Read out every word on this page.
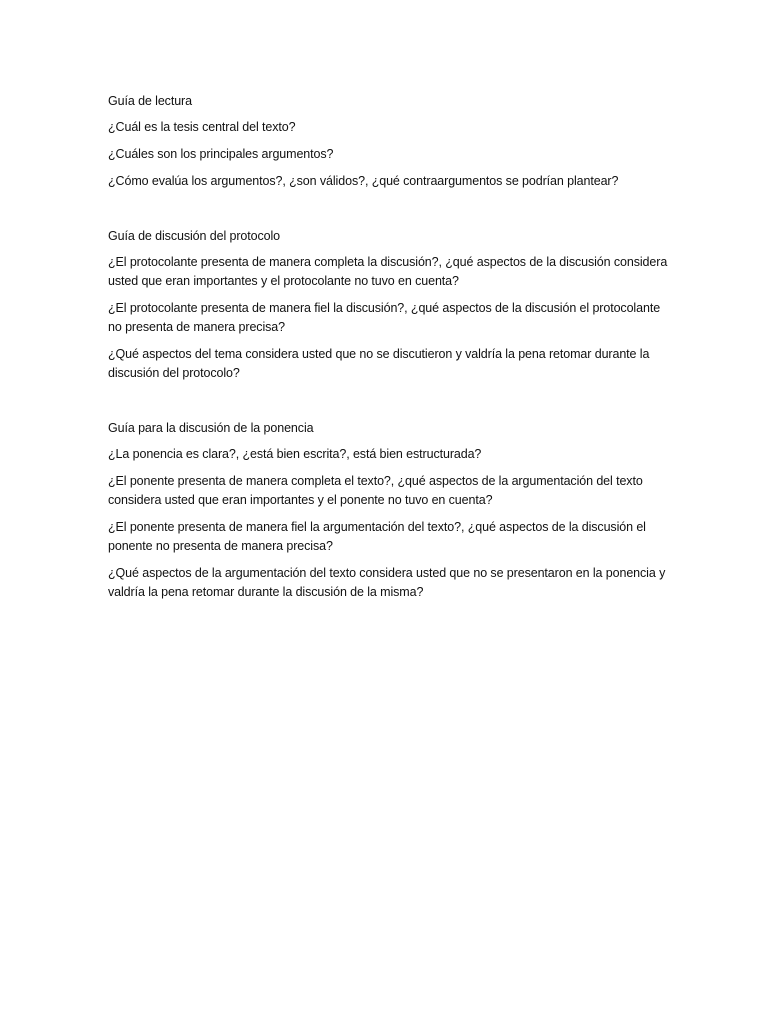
Guía de lectura

¿Cuál es la tesis central del texto?

¿Cuáles son los principales argumentos?

¿Cómo evalúa los argumentos?, ¿son válidos?, ¿qué contraargumentos se podrían plantear?

Guía de discusión del protocolo

¿El protocolante presenta de manera completa la discusión?, ¿qué aspectos de la discusión considera usted que eran importantes y el protocolante no tuvo en cuenta?

¿El protocolante presenta de manera fiel la discusión?, ¿qué aspectos de la discusión el protocolante no presenta de manera precisa?

¿Qué aspectos del tema considera usted que no se discutieron y valdría la pena retomar durante la discusión del protocolo?

Guía para la discusión de la ponencia

¿La ponencia es clara?, ¿está bien escrita?, está bien estructurada?

¿El ponente presenta de manera completa el texto?, ¿qué aspectos de la argumentación del texto considera usted que eran importantes y el ponente no tuvo en cuenta?

¿El ponente presenta de manera fiel la argumentación del texto?, ¿qué aspectos de la discusión el ponente no presenta de manera precisa?

¿Qué aspectos de la argumentación del texto considera usted que no se presentaron en la ponencia y valdría la pena retomar durante la discusión de la misma?
